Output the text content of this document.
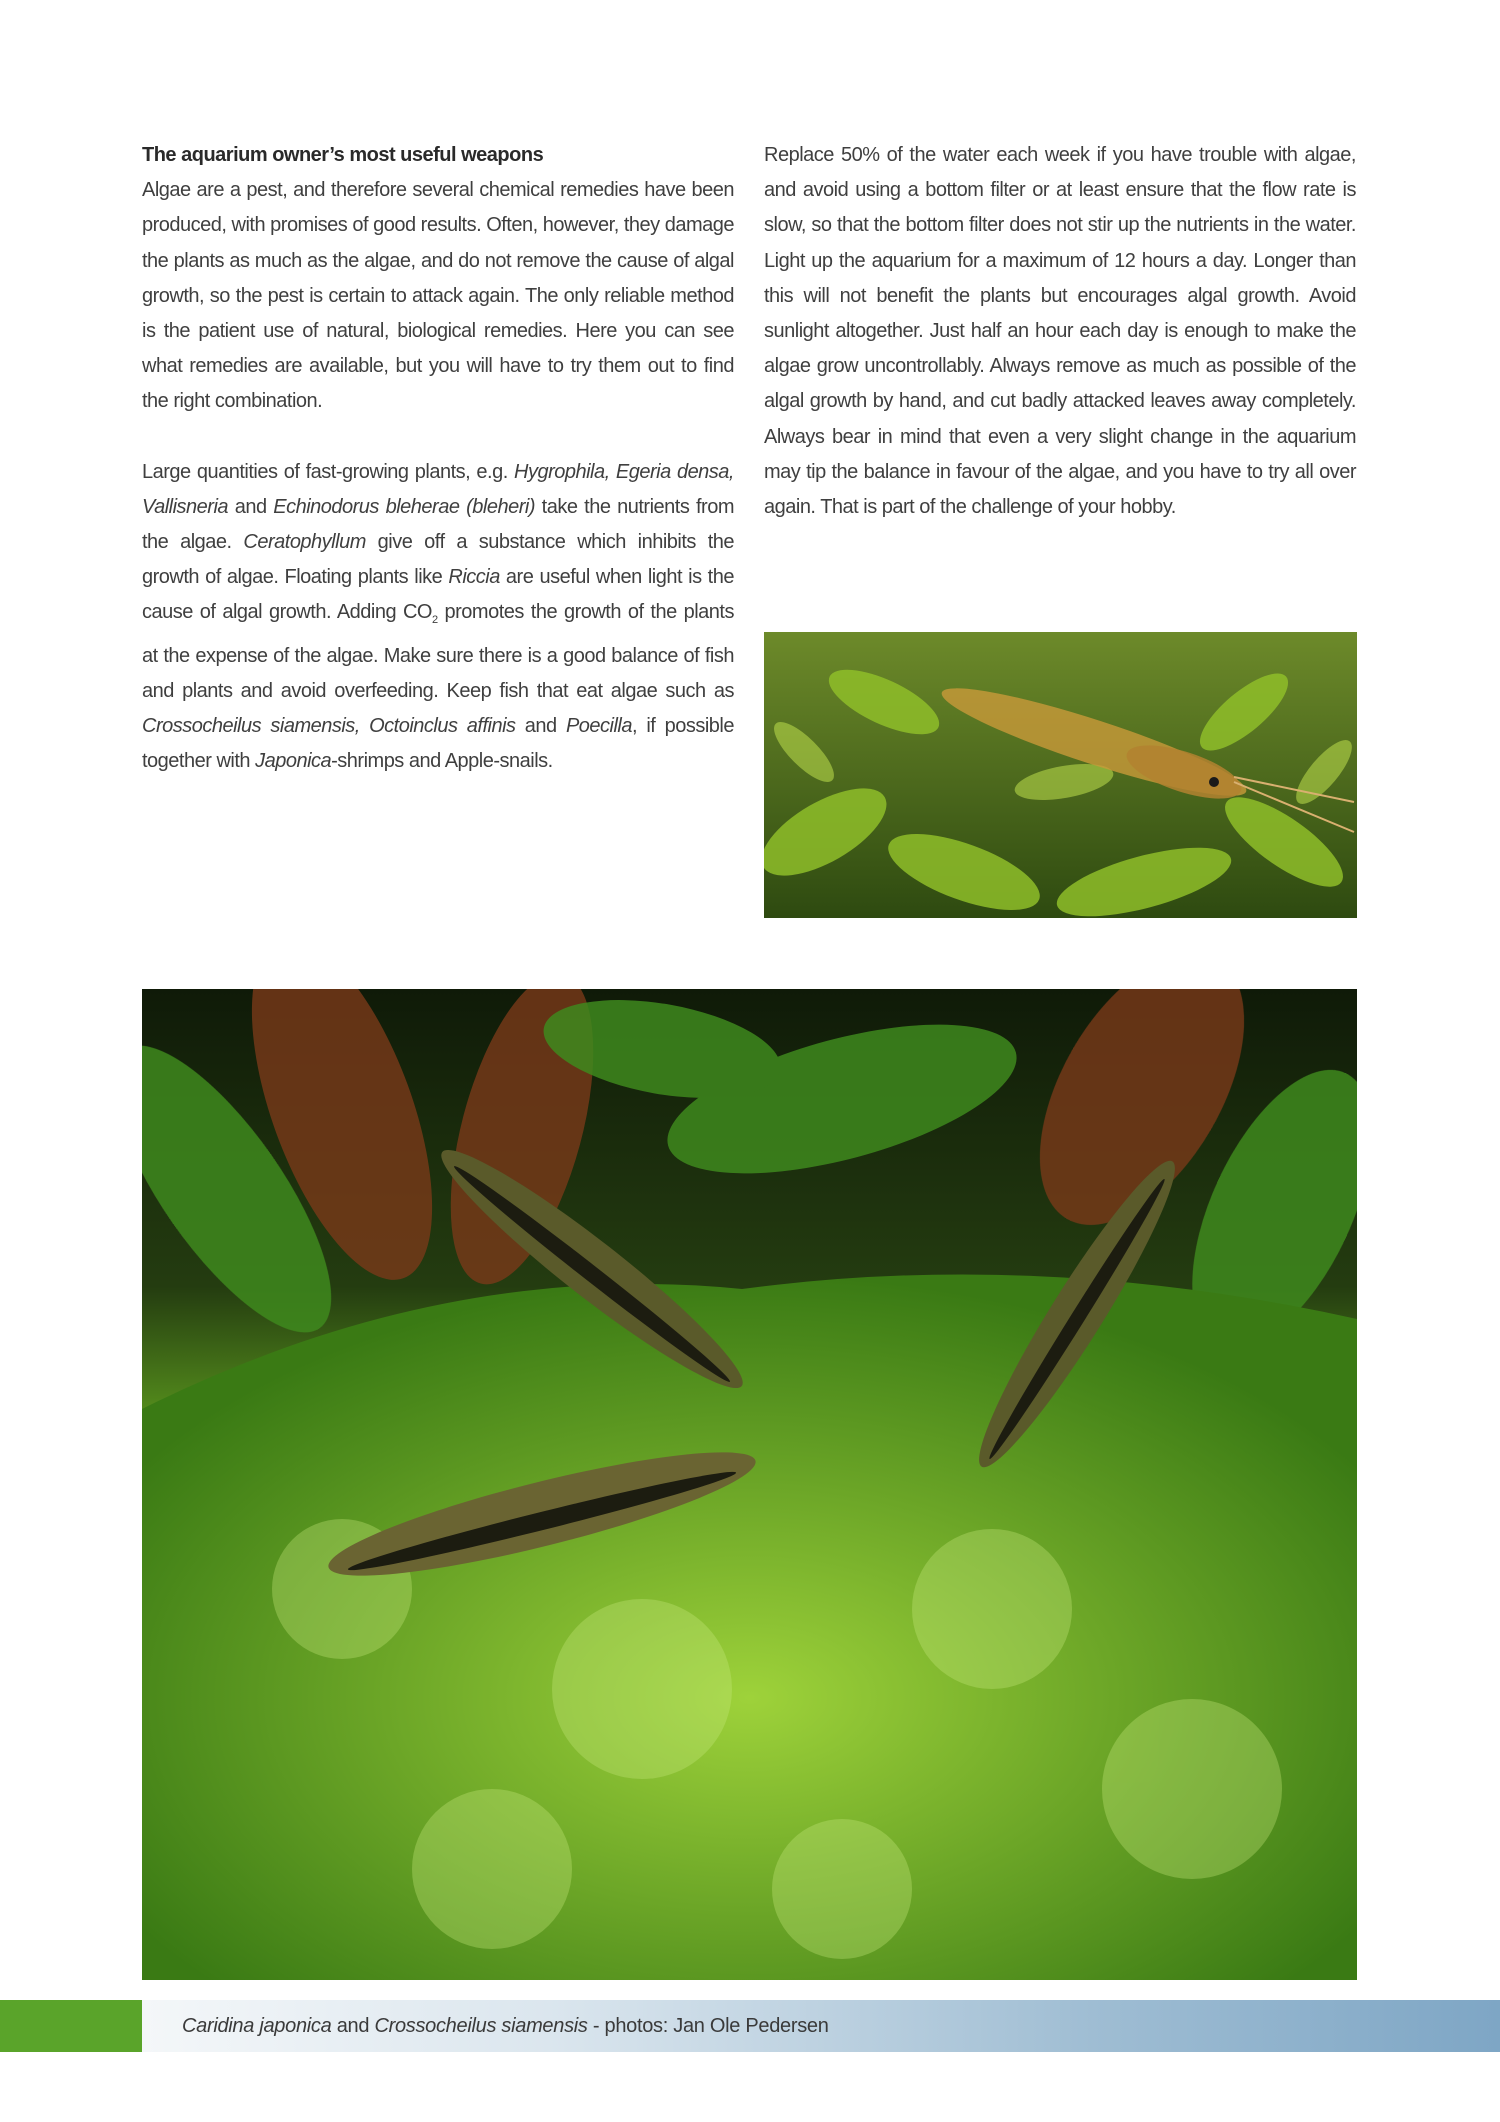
The aquarium owner’s most useful weapons

Algae are a pest, and therefore several chemical remedies have been produced, with promises of good results. Often, however, they damage the plants as much as the algae, and do not remove the cause of algal growth, so the pest is certain to attack again. The only reliable method is the patient use of natural, biological remedies. Here you can see what remedies are available, but you will have to try them out to find the right combination.

Large quantities of fast-growing plants, e.g. Hygrophila, Egeria densa, Vallisneria and Echinodorus bleherae (bleheri) take the nutrients from the algae. Ceratophyllum give off a substance which inhibits the growth of algae. Floating plants like Riccia are useful when light is the cause of algal growth. Adding $CO_2$ promotes the growth of the plants at the expense of the algae. Make sure there is a good balance of fish and plants and avoid overfeeding. Keep fish that eat algae such as Crossocheilus siamensis, Octoinclus affinis and Poecilla, if possible together with Japonica-shrimps and Apple-snails.

Replace 50% of the water each week if you have trouble with algae, and avoid using a bottom filter or at least ensure that the flow rate is slow, so that the bottom filter does not stir up the nutrients in the water. Light up the aquarium for a maximum of 12 hours a day. Longer than this will not benefit the plants but encourages algal growth. Avoid sunlight altogether. Just half an hour each day is enough to make the algae grow uncontrollably. Always remove as much as possible of the algal growth by hand, and cut badly attacked leaves away completely. Always bear in mind that even a very slight change in the aquarium may tip the balance in favour of the algae, and you have to try all over again. That is part of the challenge of your hobby.

Caridina japonica and Crossocheilus siamensis - photos: Jan Ole Pedersen
